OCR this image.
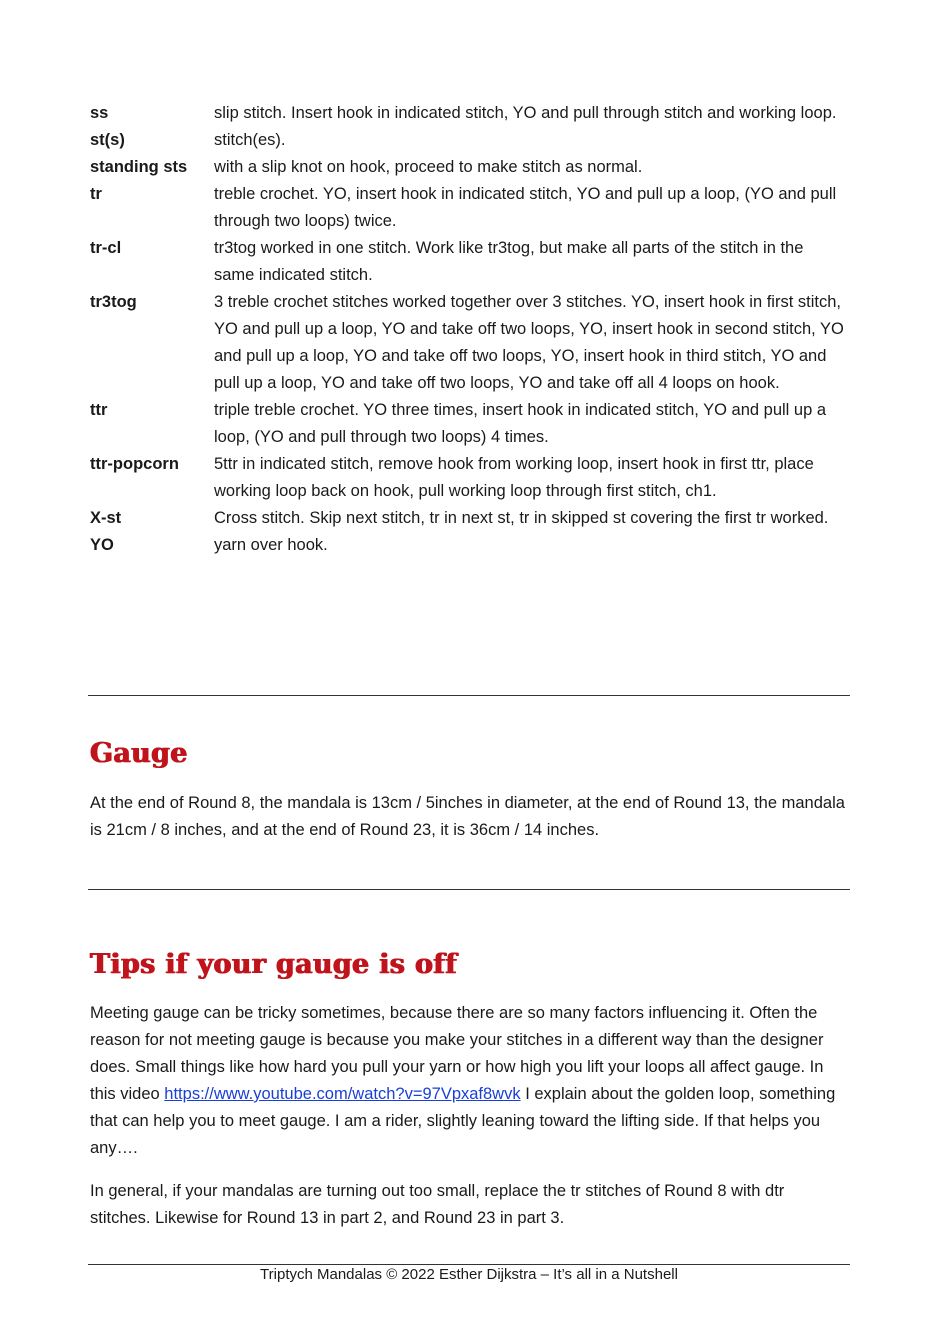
ss	slip stitch. Insert hook in indicated stitch, YO and pull through stitch and working loop.
st(s)	stitch(es).
standing sts	with a slip knot on hook, proceed to make stitch as normal.
tr	treble crochet. YO, insert hook in indicated stitch, YO and pull up a loop, (YO and pull through two loops) twice.
tr-cl	tr3tog worked in one stitch. Work like tr3tog, but make all parts of the stitch in the same indicated stitch.
tr3tog	3 treble crochet stitches worked together over 3 stitches. YO, insert hook in first stitch, YO and pull up a loop, YO and take off two loops, YO, insert hook in second stitch, YO and pull up a loop, YO and take off two loops, YO, insert hook in third stitch, YO and pull up a loop, YO and take off two loops, YO and take off all 4 loops on hook.
ttr	triple treble crochet. YO three times, insert hook in indicated stitch, YO and pull up a loop, (YO and pull through two loops) 4 times.
ttr-popcorn	5ttr in indicated stitch, remove hook from working loop, insert hook in first ttr, place working loop back on hook, pull working loop through first stitch, ch1.
X-st	Cross stitch. Skip next stitch, tr in next st, tr in skipped st covering the first tr worked.
YO	yarn over hook.
Gauge

At the end of Round 8, the mandala is 13cm / 5inches in diameter, at the end of Round 13, the mandala is 21cm / 8 inches, and at the end of Round 23, it is 36cm / 14 inches.

Tips if your gauge is off

Meeting gauge can be tricky sometimes, because there are so many factors influencing it. Often the reason for not meeting gauge is because you make your stitches in a different way than the designer does. Small things like how hard you pull your yarn or how high you lift your loops all affect gauge. In this video https://www.youtube.com/watch?v=97Vpxaf8wvk I explain about the golden loop, something that can help you to meet gauge. I am a rider, slightly leaning toward the lifting side. If that helps you any….

In general, if your mandalas are turning out too small, replace the tr stitches of Round 8 with dtr stitches. Likewise for Round 13 in part 2, and Round 23 in part 3.

Triptych Mandalas © 2022 Esther Dijkstra – It’s all in a Nutshell
